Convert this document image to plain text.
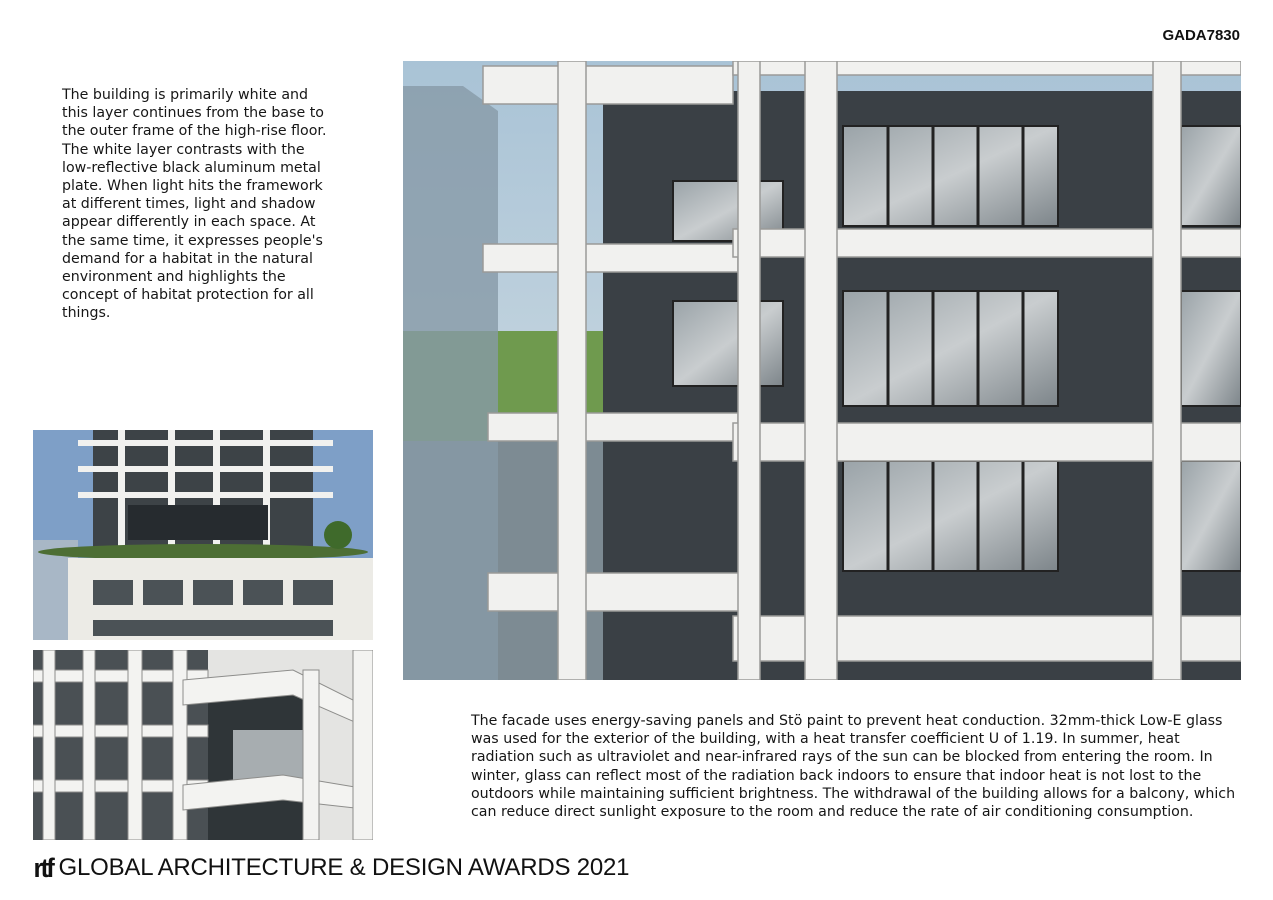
GADA7830
The building is primarily white and this layer continues from the base to the outer frame of the high-rise floor. The white layer contrasts with the low-reflective black aluminum metal plate. When light hits the framework at different times, light and shadow appear differently in each space. At the same time, it expresses people's demand for a habitat in the natural environment and highlights the concept of habitat protection for all things.
The facade uses energy-saving panels and Stö paint to prevent heat conduction. 32mm-thick Low-E glass was used for the exterior of the building, with a heat transfer coefficient U of 1.19. In summer, heat radiation such as ultraviolet and near-infrared rays of the sun can be blocked from entering the room. In winter, glass can reflect most of the radiation back indoors to ensure that indoor heat is not lost to the outdoors while maintaining sufficient brightness. The withdrawal of the building allows for a balcony, which can reduce direct sunlight exposure to the room and reduce the rate of air conditioning consumption.
rtf GLOBAL ARCHITECTURE & DESIGN AWARDS 2021
